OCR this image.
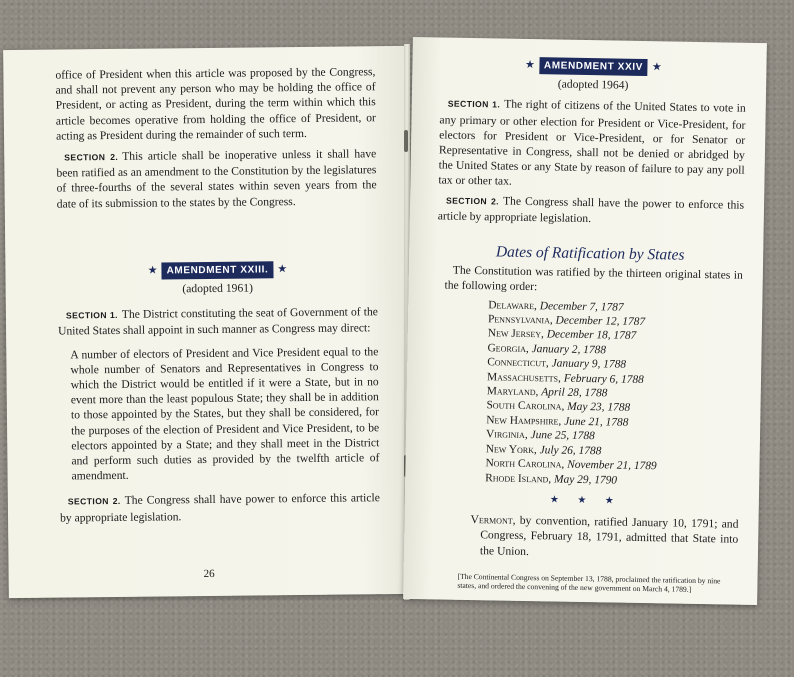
office of President when this article was proposed by the Congress, and shall not prevent any person who may be holding the office of President, or acting as President, during the term within which this article becomes operative from holding the office of President, or acting as President during the remainder of such term.

SECTION 2. This article shall be inoperative unless it shall have been ratified as an amendment to the Constitution by the legislatures of three-fourths of the several states within seven years from the date of its submission to the states by the Congress.

★ AMENDMENT XXIII. ★

(adopted 1961)

SECTION 1. The District constituting the seat of Government of the United States shall appoint in such manner as Congress may direct:

A number of electors of President and Vice President equal to the whole number of Senators and Representatives in Congress to which the District would be entitled if it were a State, but in no event more than the least populous State; they shall be in addition to those appointed by the States, but they shall be considered, for the purposes of the election of President and Vice President, to be electors appointed by a State; and they shall meet in the District and perform such duties as provided by the twelfth article of amendment.

SECTION 2. The Congress shall have power to enforce this article by appropriate legislation.

26

★ AMENDMENT XXIV ★

(adopted 1964)

SECTION 1. The right of citizens of the United States to vote in any primary or other election for President or Vice-President, for electors for President or Vice-President, or for Senator or Representative in Congress, shall not be denied or abridged by the United States or any State by reason of failure to pay any poll tax or other tax.

SECTION 2. The Congress shall have the power to enforce this article by appropriate legislation.

Dates of Ratification by States

The Constitution was ratified by the thirteen original states in the following order:

Delaware, December 7, 1787
Pennsylvania, December 12, 1787
New Jersey, December 18, 1787
Georgia, January 2, 1788
Connecticut, January 9, 1788
Massachusetts, February 6, 1788
Maryland, April 28, 1788
South Carolina, May 23, 1788
New Hampshire, June 21, 1788
Virginia, June 25, 1788
New York, July 26, 1788
North Carolina, November 21, 1789
Rhode Island, May 29, 1790
★ ★ ★

Vermont, by convention, ratified January 10, 1791; and Congress, February 18, 1791, admitted that State into the Union.

[The Continental Congress on September 13, 1788, proclaimed the ratification by nine states, and ordered the convening of the new government on March 4, 1789.]
